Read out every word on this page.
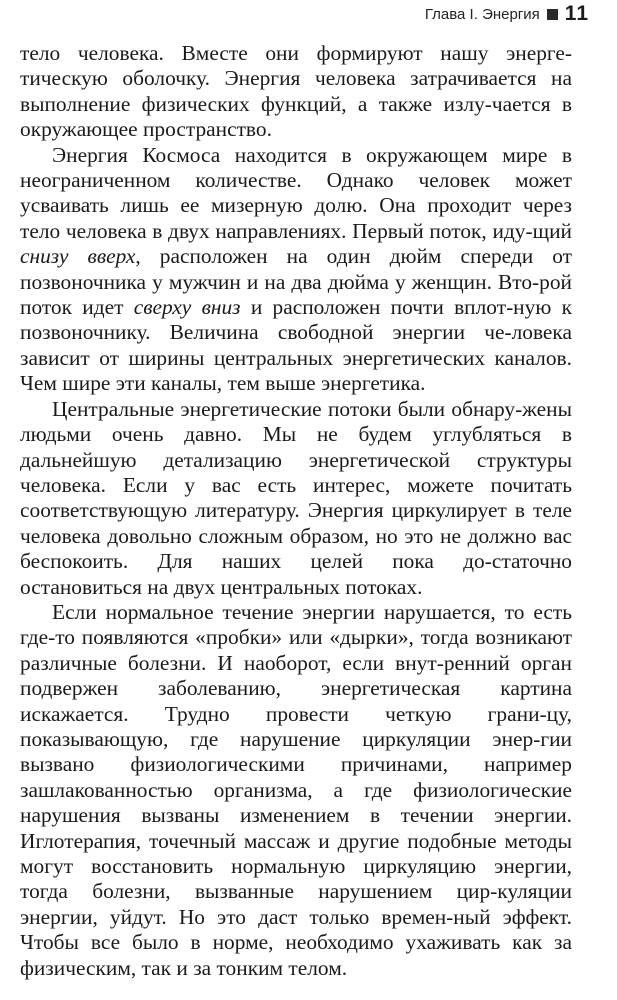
Глава I. Энергия 11

тело человека. Вместе они формируют нашу энерге-тическую оболочку. Энергия человека затрачивается на выполнение физических функций, а также излу-чается в окружающее пространство.

Энергия Космоса находится в окружающем мире в неограниченном количестве. Однако человек может усваивать лишь ее мизерную долю. Она проходит через тело человека в двух направлениях. Первый поток, иду-щий снизу вверх, расположен на один дюйм спереди от позвоночника у мужчин и на два дюйма у женщин. Вто-рой поток идет сверху вниз и расположен почти вплот-ную к позвоночнику. Величина свободной энергии че-ловека зависит от ширины центральных энергетических каналов. Чем шире эти каналы, тем выше энергетика.

Центральные энергетические потоки были обнару-жены людьми очень давно. Мы не будем углубляться в дальнейшую детализацию энергетической структуры человека. Если у вас есть интерес, можете почитать соответствующую литературу. Энергия циркулирует в теле человека довольно сложным образом, но это не должно вас беспокоить. Для наших целей пока до-статочно остановиться на двух центральных потоках.

Если нормальное течение энергии нарушается, то есть где-то появляются «пробки» или «дырки», тогда возникают различные болезни. И наоборот, если внут-ренний орган подвержен заболеванию, энергетическая картина искажается. Трудно провести четкую грани-цу, показывающую, где нарушение циркуляции энер-гии вызвано физиологическими причинами, например зашлакованностью организма, а где физиологические нарушения вызваны изменением в течении энергии. Иглотерапия, точечный массаж и другие подобные методы могут восстановить нормальную циркуляцию энергии, тогда болезни, вызванные нарушением цир-куляции энергии, уйдут. Но это даст только времен-ный эффект. Чтобы все было в норме, необходимо ухаживать как за физическим, так и за тонким телом.
